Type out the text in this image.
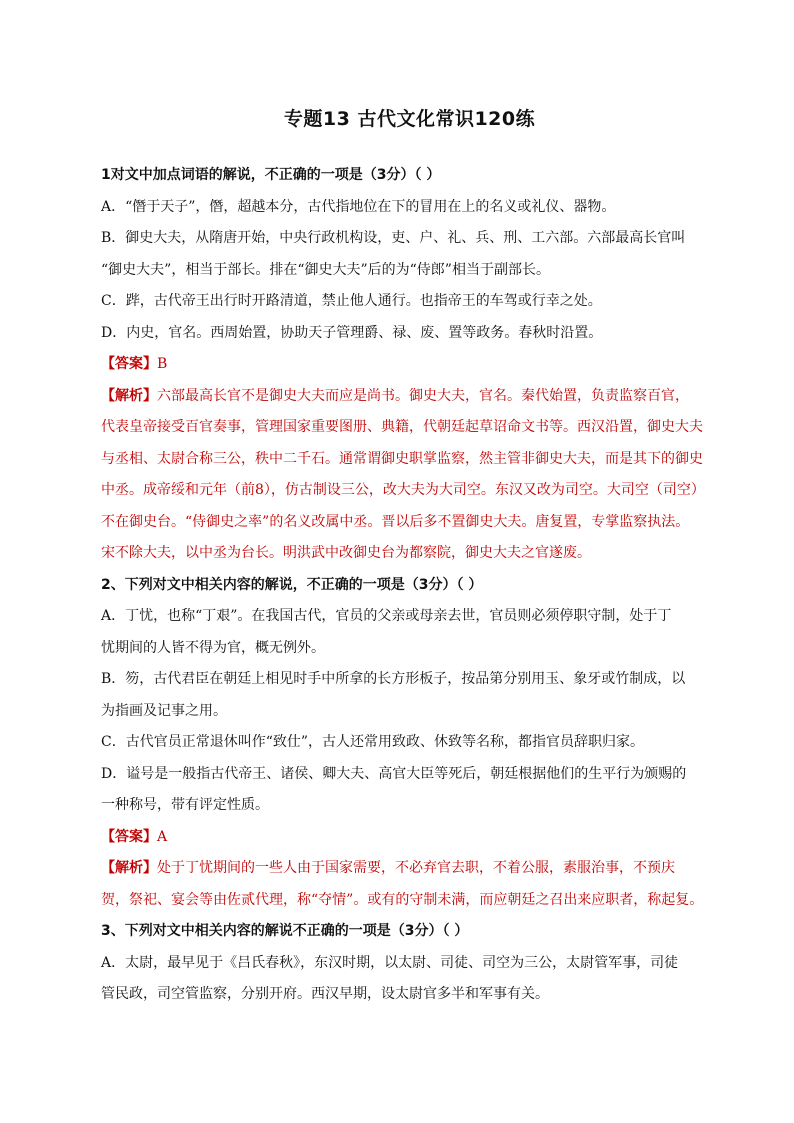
专题13 古代文化常识120练

1对文中加点词语的解说，不正确的一项是（3分）（ ）

A．“僭于天子”，僭，超越本分，古代指地位在下的冒用在上的名义或礼仪、器物。

B．御史大夫，从隋唐开始，中央行政机构设，吏、户、礼、兵、刑、工六部。六部最高长官叫

“御史大夫”，相当于部长。排在“御史大夫”后的为“侍郎”相当于副部长。

C．跸，古代帝王出行时开路清道，禁止他人通行。也指帝王的车驾或行幸之处。

D．内史，官名。西周始置，协助天子管理爵、禄、废、置等政务。春秋时沿置。

【答案】B

【解析】六部最高长官不是御史大夫而应是尚书。御史大夫，官名。秦代始置，负责监察百官，

代表皇帝接受百官奏事，管理国家重要图册、典籍，代朝廷起草诏命文书等。西汉沿置，御史大夫

与丞相、太尉合称三公，秩中二千石。通常谓御史职掌监察，然主管非御史大夫，而是其下的御史

中丞。成帝绥和元年（前8），仿古制设三公，改大夫为大司空。东汉又改为司空。大司空（司空）

不在御史台。“侍御史之率”的名义改属中丞。晋以后多不置御史大夫。唐复置，专掌监察执法。

宋不除大夫，以中丞为台长。明洪武中改御史台为都察院，御史大夫之官遂废。

2、下列对文中相关内容的解说，不正确的一项是（3分）（ ）

A．丁忧，也称“丁艰”。在我国古代，官员的父亲或母亲去世，官员则必须停职守制，处于丁

忧期间的人皆不得为官，概无例外。

B．笏，古代君臣在朝廷上相见时手中所拿的长方形板子，按品第分别用玉、象牙或竹制成，以

为指画及记事之用。

C．古代官员正常退休叫作“致仕”，古人还常用致政、休致等名称，都指官员辞职归家。

D．谥号是一般指古代帝王、诸侯、卿大夫、高官大臣等死后，朝廷根据他们的生平行为颁赐的

一种称号，带有评定性质。

【答案】A

【解析】处于丁忧期间的一些人由于国家需要，不必弃官去职，不着公服，素服治事，不预庆

贺，祭祀、宴会等由佐贰代理，称“夺情”。或有的守制未满，而应朝廷之召出来应职者，称起复。

3、下列对文中相关内容的解说不正确的一项是（3分）（ ）

A．太尉，最早见于《吕氏春秋》，东汉时期，以太尉、司徒、司空为三公，太尉管军事，司徒

管民政，司空管监察，分别开府。西汉早期，设太尉官多半和军事有关。
